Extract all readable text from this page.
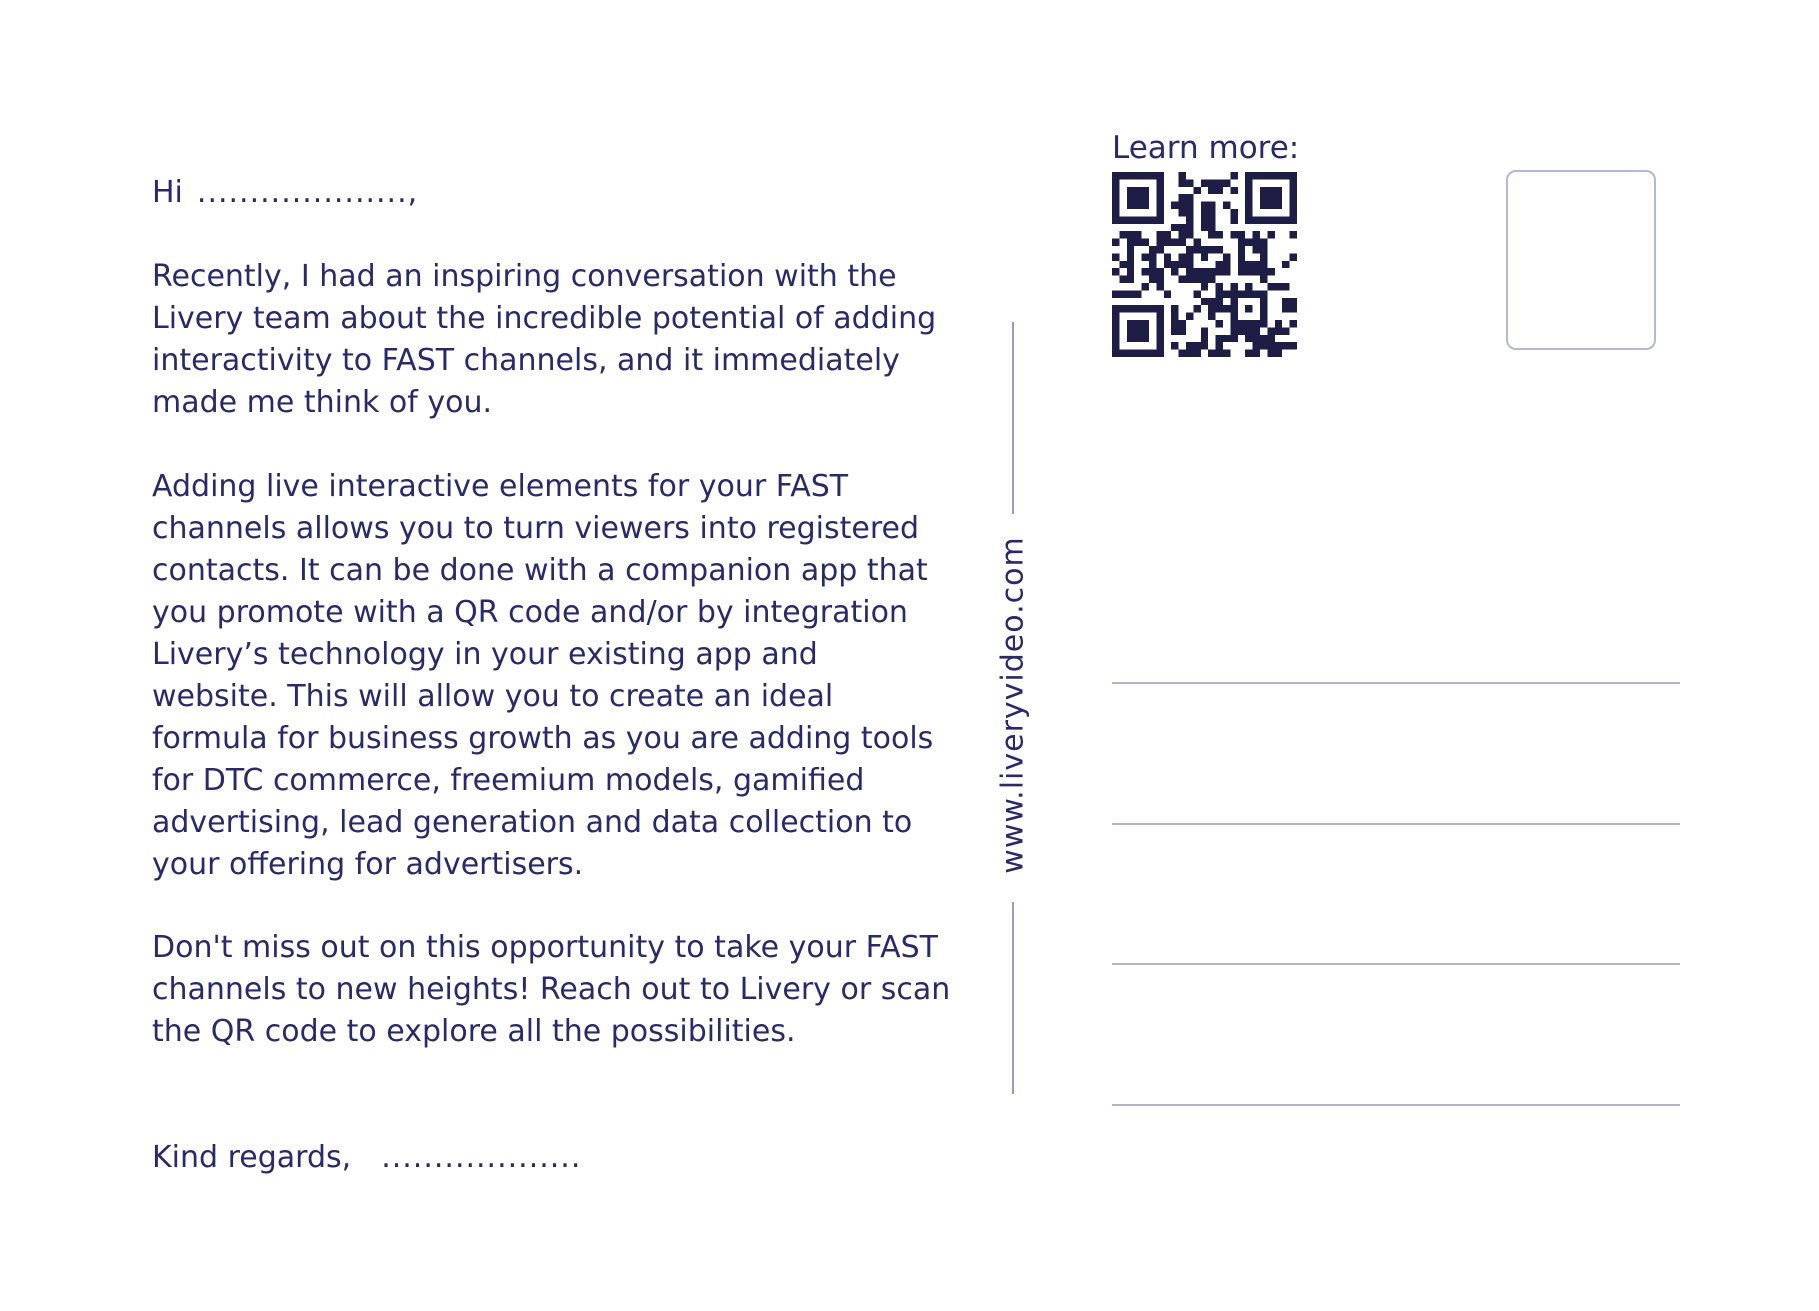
Hi ....................,

Recently, I had an inspiring conversation with the Livery team about the incredible potential of adding interactivity to FAST channels, and it immediately made me think of you.

Adding live interactive elements for your FAST channels allows you to turn viewers into registered contacts. It can be done with a companion app that you promote with a QR code and/or by integration Livery’s technology in your existing app and website. This will allow you to create an ideal formula for business growth as you are adding tools for DTC commerce, freemium models, gamified advertising, lead generation and data collection to your offering for advertisers.

Don't miss out on this opportunity to take your FAST channels to new heights! Reach out to Livery or scan the QR code to explore all the possibilities.

Kind regards, ...................
www.liveryvideo.com
Learn more:
